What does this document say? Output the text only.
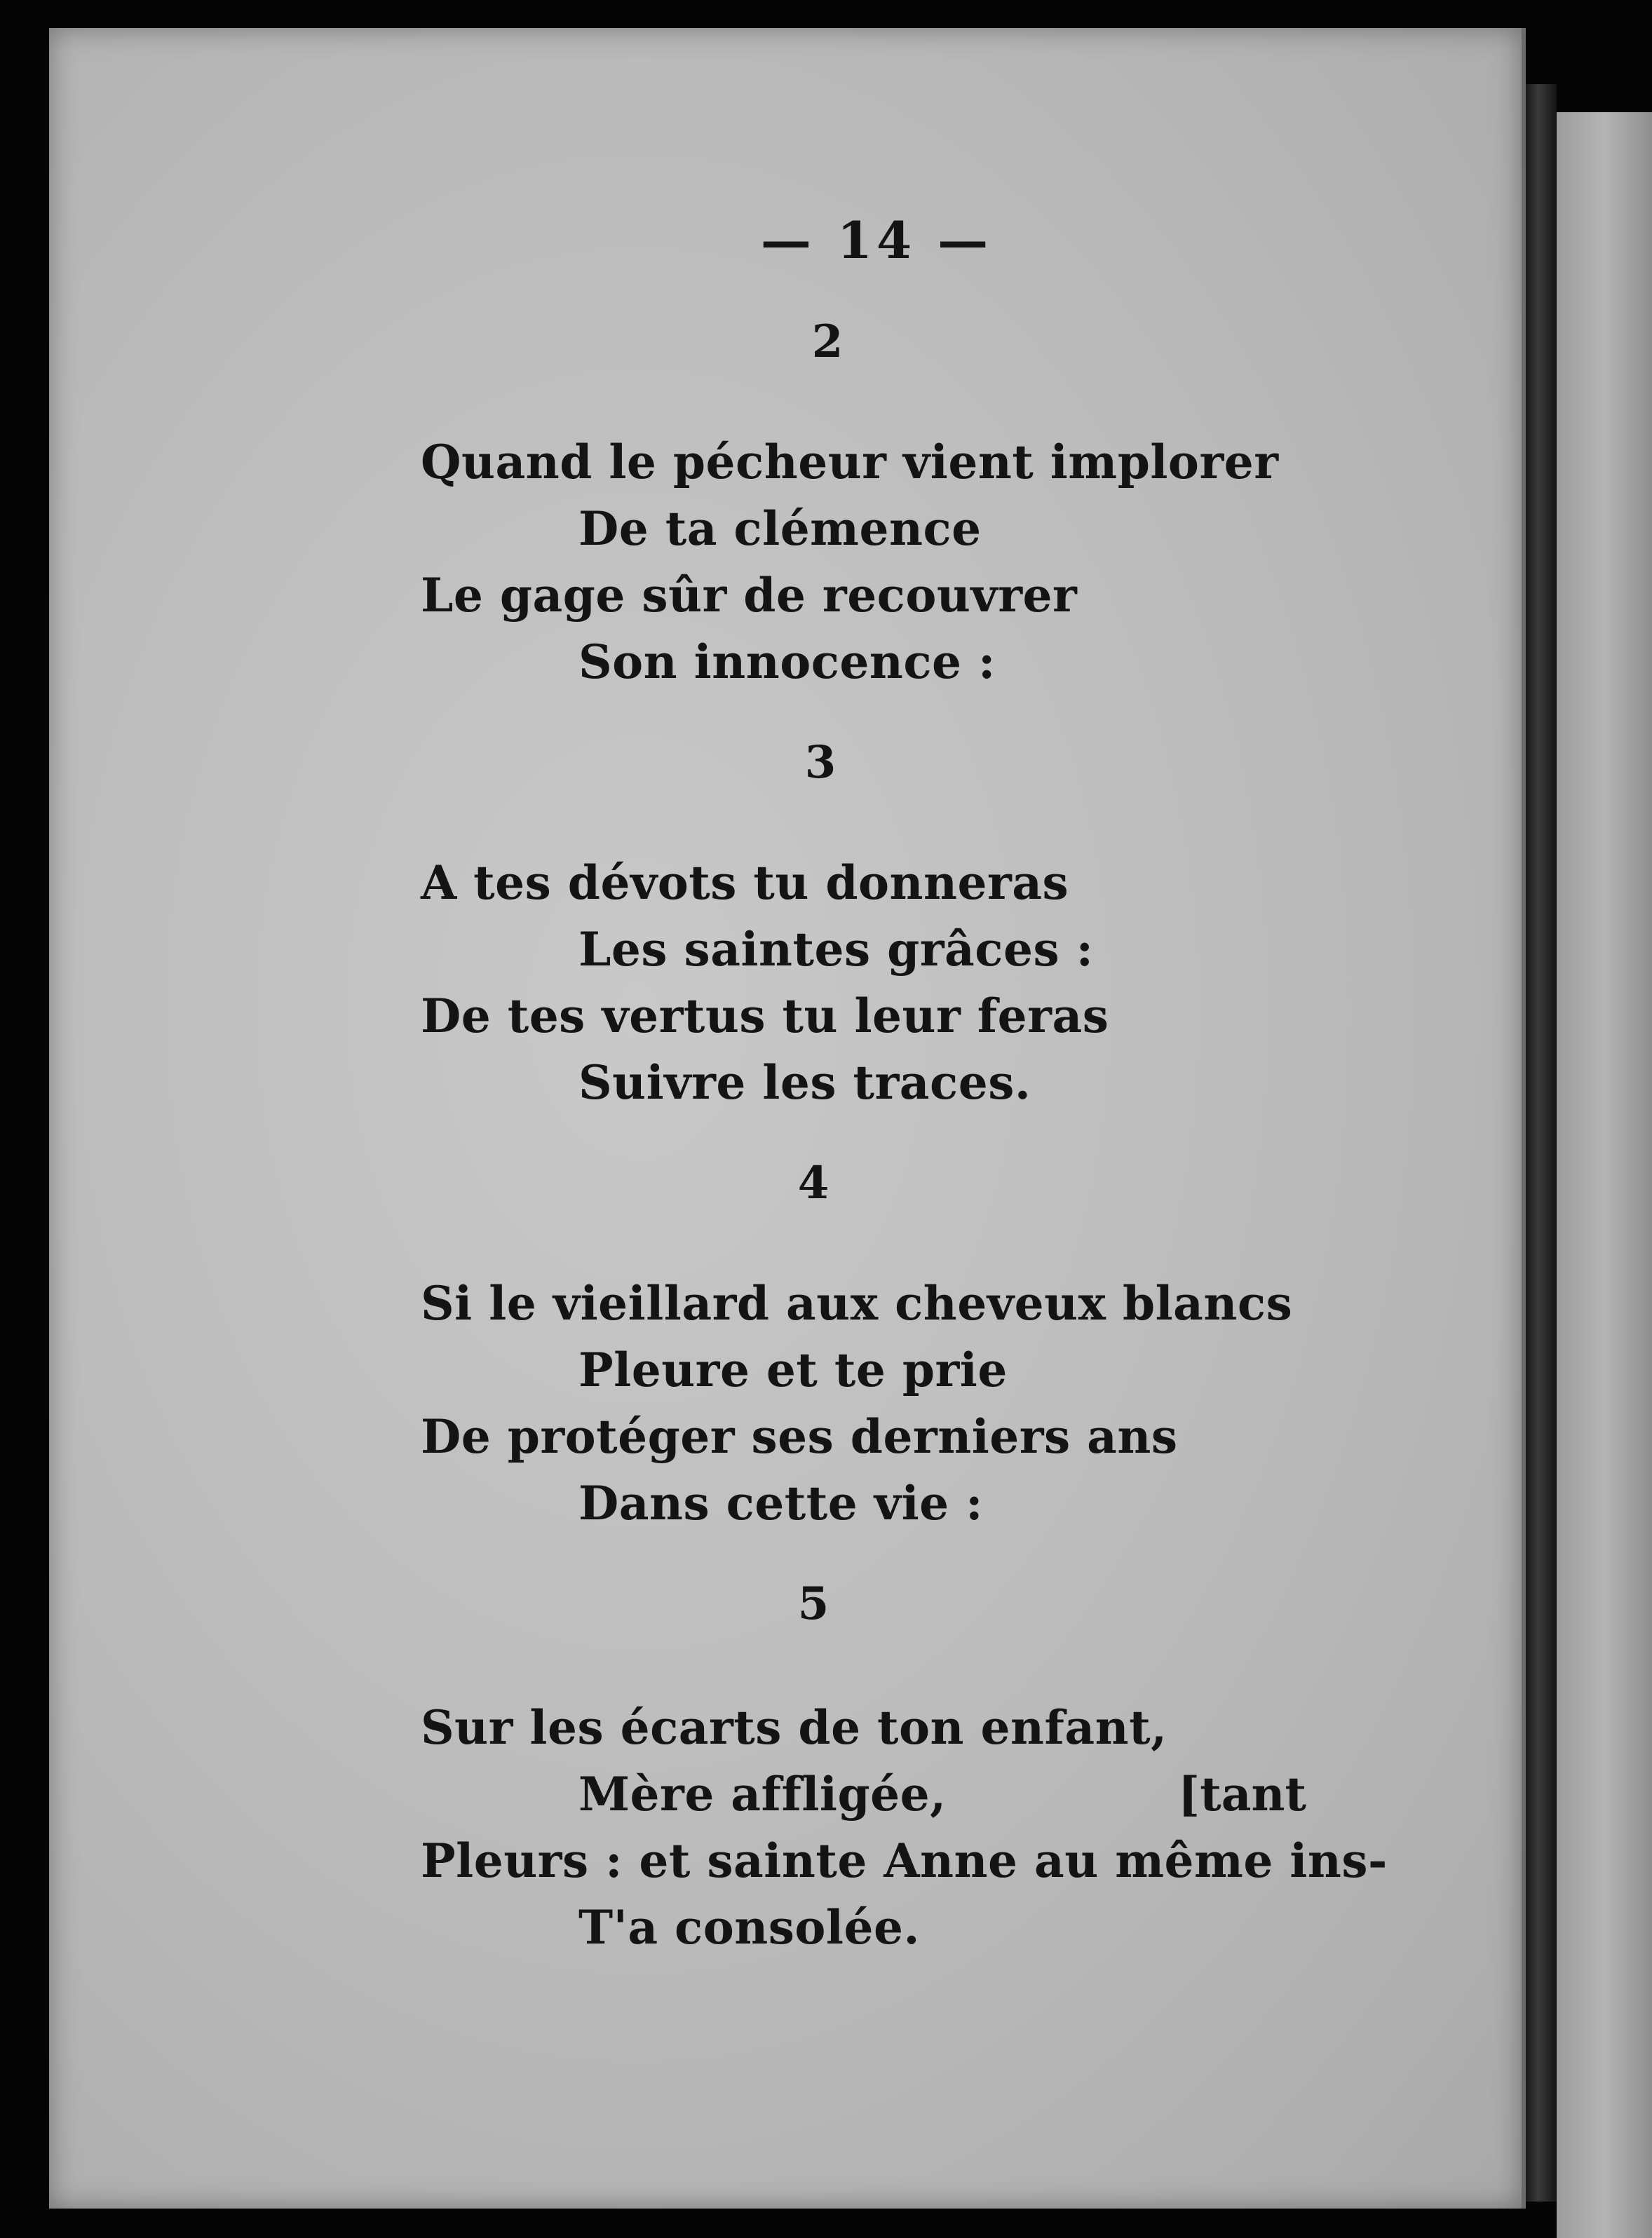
— 14 —
2
Quand le pécheur vient implorer
De ta clémence
Le gage sûr de recouvrer
Son innocence :
3
A tes dévots tu donneras
Les saintes grâces :
De tes vertus tu leur feras
Suivre les traces.
4
Si le vieillard aux cheveux blancs
Pleure et te prie
De protéger ses derniers ans
Dans cette vie :
5
Sur les écarts de ton enfant,
Mère affligée,	[tant
Pleurs : et sainte Anne au même ins-
T'a consolée.
